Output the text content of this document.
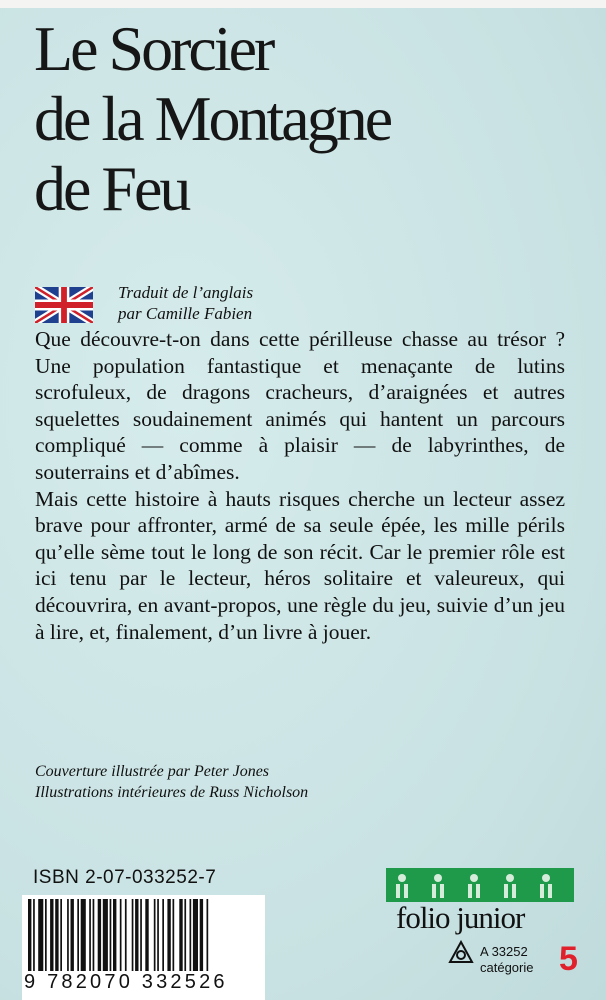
Le Sorcier
de la Montagne
de Feu
Traduit de l’anglais
par Camille Fabien

Que découvre-t-on dans cette périlleuse chasse au trésor ? Une population fantastique et menaçante de lutins scrofuleux, de dragons cracheurs, d’araignées et autres squelettes soudainement animés qui hantent un parcours compliqué — comme à plaisir — de labyrinthes, de souterrains et d’abîmes.

Mais cette histoire à hauts risques cherche un lecteur assez brave pour affronter, armé de sa seule épée, les mille périls qu’elle sème tout le long de son récit. Car le premier rôle est ici tenu par le lecteur, héros solitaire et valeureux, qui découvrira, en avant-propos, une règle du jeu, suivie d’un jeu à lire, et, finalement, d’un livre à jouer.

Couverture illustrée par Peter Jones
Illustrations intérieures de Russ Nicholson
ISBN 2-07-033252-7
9 782070 332526
folio junior
A 33252
catégorie 5
